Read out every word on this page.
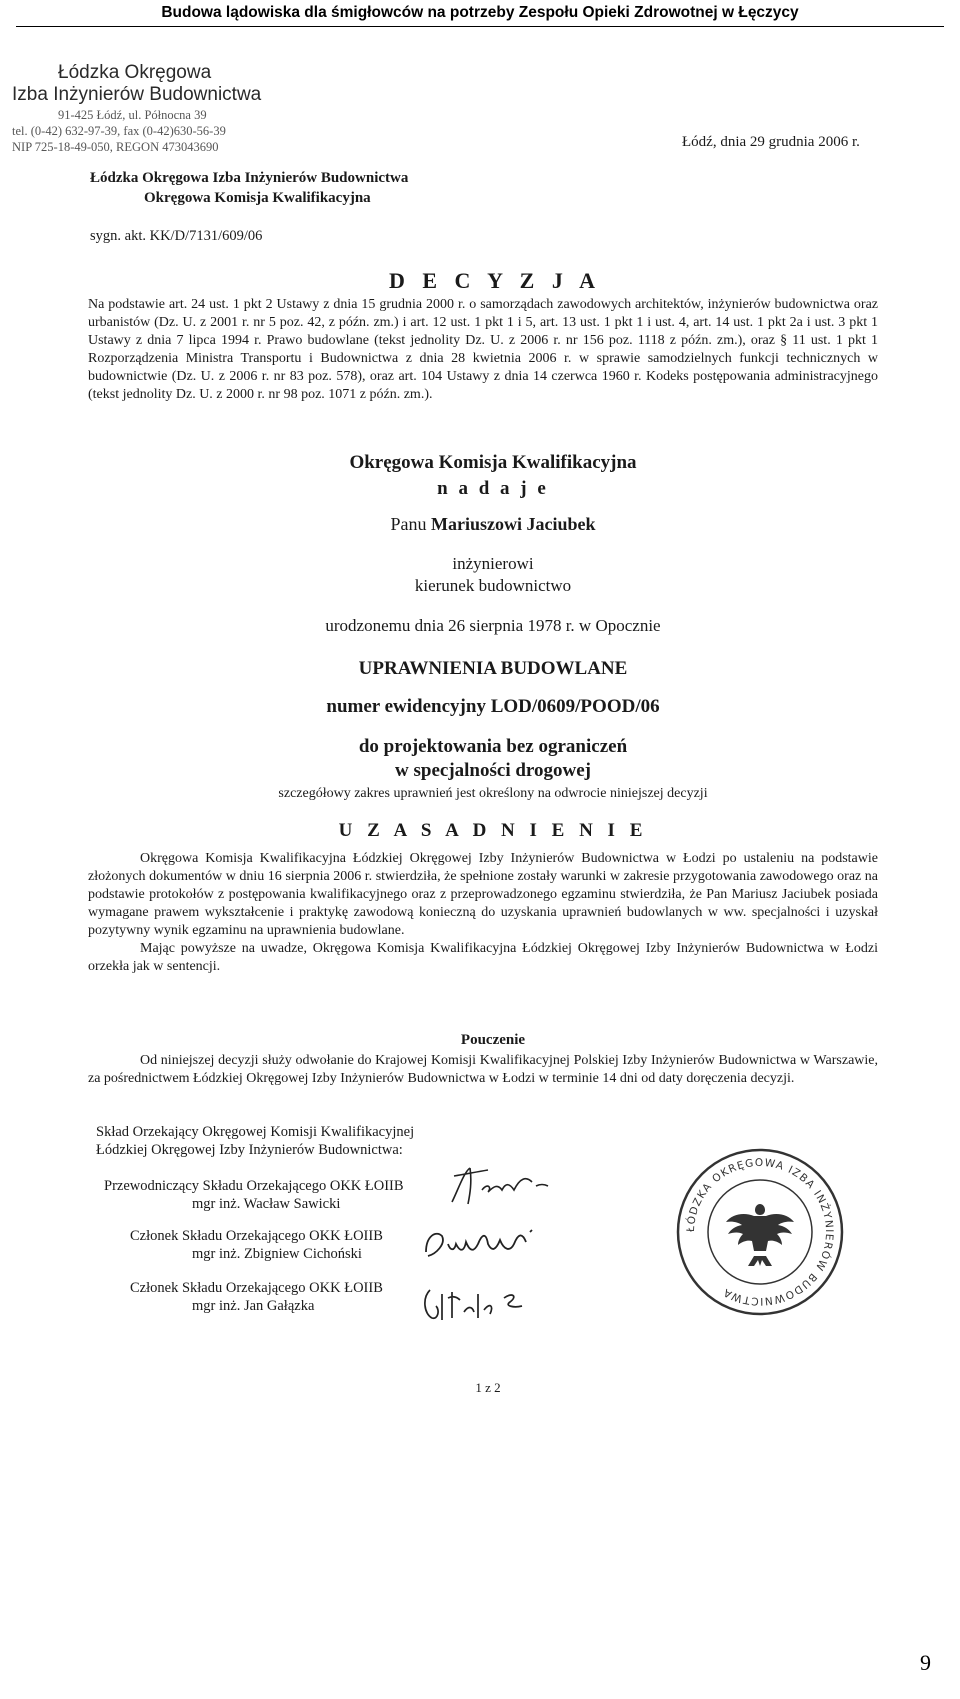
Budowa lądowiska dla śmigłowców na potrzeby Zespołu Opieki Zdrowotnej w Łęczycy
Łódzka Okręgowa
Izba Inżynierów Budownictwa
91-425 Łódź, ul. Północna 39
tel. (0-42) 632-97-39, fax (0-42)630-56-39
NIP 725-18-49-050, REGON 473043690	Łódź, dnia 29 grudnia 2006 r.
Łódzka Okręgowa Izba Inżynierów Budownictwa
Okręgowa Komisja Kwalifikacyjna
sygn. akt. KK/D/7131/609/06
D E C Y Z J A
Na podstawie art. 24 ust. 1 pkt 2 Ustawy z dnia 15 grudnia 2000 r. o samorządach zawodowych architektów, inżynierów budownictwa oraz urbanistów (Dz. U. z 2001 r. nr 5 poz. 42, z późn. zm.) i art. 12 ust. 1 pkt 1 i 5, art. 13 ust. 1 pkt 1 i ust. 4, art. 14 ust. 1 pkt 2a i ust. 3 pkt 1 Ustawy z dnia 7 lipca 1994 r. Prawo budowlane (tekst jednolity Dz. U. z 2006 r. nr 156 poz. 1118 z późn. zm.), oraz § 11 ust. 1 pkt 1 Rozporządzenia Ministra Transportu i Budownictwa z dnia 28 kwietnia 2006 r. w sprawie samodzielnych funkcji technicznych w budownictwie (Dz. U. z 2006 r. nr 83 poz. 578), oraz art. 104 Ustawy z dnia 14 czerwca 1960 r. Kodeks postępowania administracyjnego (tekst jednolity Dz. U. z 2000 r. nr 98 poz. 1071 z późn. zm.).
Okręgowa Komisja Kwalifikacyjna
n a d a j e
Panu Mariuszowi Jaciubek
inżynierowi
kierunek budownictwo
urodzonemu dnia 26 sierpnia 1978 r. w Opocznie
UPRAWNIENIA BUDOWLANE
numer ewidencyjny LOD/0609/POOD/06
do projektowania bez ograniczeń
w specjalności drogowej
szczegółowy zakres uprawnień jest określony na odwrocie niniejszej decyzji
U Z A S A D N I E N I E

Okręgowa Komisja Kwalifikacyjna Łódzkiej Okręgowej Izby Inżynierów Budownictwa w Łodzi po ustaleniu na podstawie złożonych dokumentów w dniu 16 sierpnia 2006 r. stwierdziła, że spełnione zostały warunki w zakresie przygotowania zawodowego oraz na podstawie protokołów z postępowania kwalifikacyjnego oraz z przeprowadzonego egzaminu stwierdziła, że Pan Mariusz Jaciubek posiada wymagane prawem wykształcenie i praktykę zawodową konieczną do uzyskania uprawnień budowlanych w ww. specjalności i uzyskał pozytywny wynik egzaminu na uprawnienia budowlane.

Mając powyższe na uwadze, Okręgowa Komisja Kwalifikacyjna Łódzkiej Okręgowej Izby Inżynierów Budownictwa w Łodzi orzekła jak w sentencji.

Pouczenie

Od niniejszej decyzji służy odwołanie do Krajowej Komisji Kwalifikacyjnej Polskiej Izby Inżynierów Budownictwa w Warszawie, za pośrednictwem Łódzkiej Okręgowej Izby Inżynierów Budownictwa w Łodzi w terminie 14 dni od daty doręczenia decyzji.

Skład Orzekający Okręgowej Komisji Kwalifikacyjnej
Łódzkiej Okręgowej Izby Inżynierów Budownictwa:
Przewodniczący Składu Orzekającego OKK ŁOIIB
mgr inż. Wacław Sawicki
Członek Składu Orzekającego OKK ŁOIIB
mgr inż. Zbigniew Cichoński
Członek Składu Orzekającego OKK ŁOIIB
mgr inż. Jan Gałązka
ŁÓDZKA OKRĘGOWA IZBA INŻYNIERÓW BUDOWNICTWA
1 z 2
9
